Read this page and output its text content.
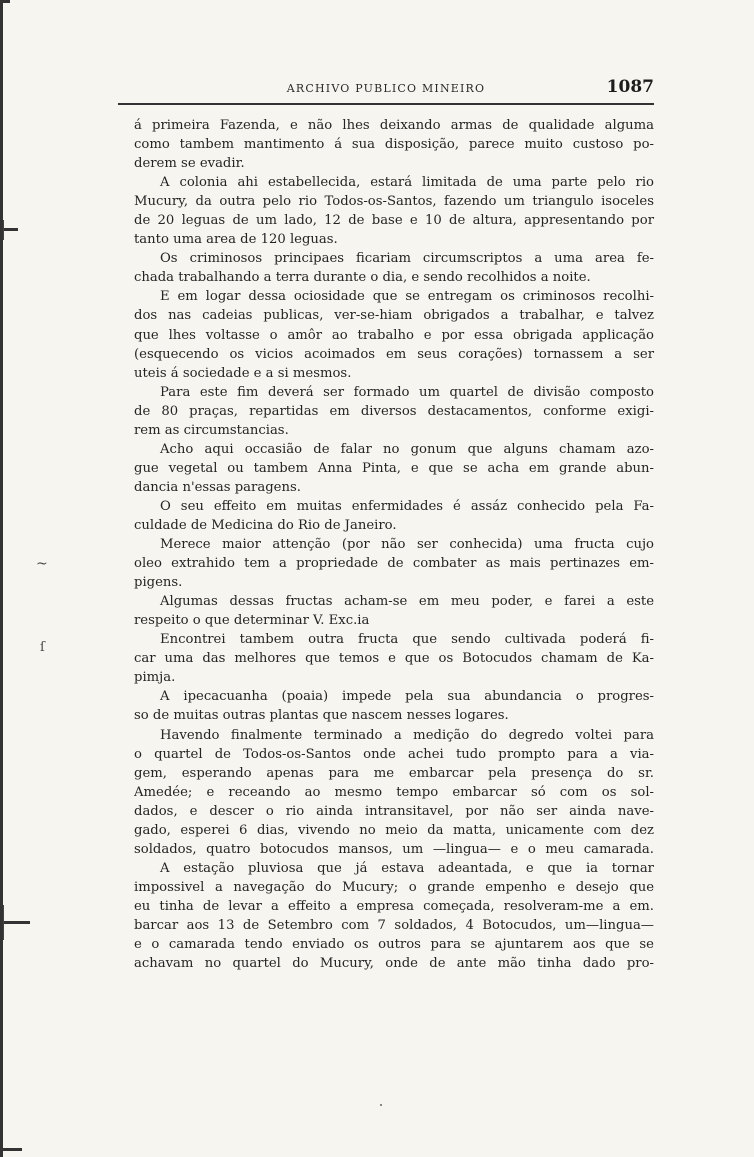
~
ſ
ARCHIVO PUBLICO MINEIRO	1087
á primeira Fazenda, e não lhes deixando armas de qualidade alguma
como tambem mantimento á sua disposição, parece muito custoso po-
derem se evadir.
A colonia ahi estabellecida, estará limitada de uma parte pelo rio
Mucury, da outra pelo rio Todos-os-Santos, fazendo um triangulo isoceles
de 20 leguas de um lado, 12 de base e 10 de altura, appresentando por
tanto uma area de 120 leguas.
Os criminosos principaes ficariam circumscriptos a uma area fe-
chada trabalhando a terra durante o dia, e sendo recolhidos a noite.
E em logar dessa ociosidade que se entregam os criminosos recolhi-
dos nas cadeias publicas, ver-se-hiam obrigados a trabalhar, e talvez
que lhes voltasse o amôr ao trabalho e por essa obrigada applicação
(esquecendo os vicios acoimados em seus corações) tornassem a ser
uteis á sociedade e a si mesmos.
Para este fim deverá ser formado um quartel de divisão composto
de 80 praças, repartidas em diversos destacamentos, conforme exigi-
rem as circumstancias.
Acho aqui occasião de falar no gonum que alguns chamam azo-
gue vegetal ou tambem Anna Pinta, e que se acha em grande abun-
dancia n'essas paragens.
O seu effeito em muitas enfermidades é assáz conhecido pela Fa-
culdade de Medicina do Rio de Janeiro.
Merece maior attenção (por não ser conhecida) uma fructa cujo
oleo extrahido tem a propriedade de combater as mais pertinazes em-
pigens.
Algumas dessas fructas acham-se em meu poder, e farei a este
respeito o que determinar V. Exc.ia
Encontrei tambem outra fructa que sendo cultivada poderá fi-
car uma das melhores que temos e que os Botocudos chamam de Ka-
pimja.
A ipecacuanha (poaia) impede pela sua abundancia o progres-
so de muitas outras plantas que nascem nesses logares.
Havendo finalmente terminado a medição do degredo voltei para
o quartel de Todos-os-Santos onde achei tudo prompto para a via-
gem, esperando apenas para me embarcar pela presença do sr.
Amedée; e receando ao mesmo tempo embarcar só com os sol-
dados, e descer o rio ainda intransitavel, por não ser ainda nave-
gado, esperei 6 dias, vivendo no meio da matta, unicamente com dez
soldados, quatro botocudos mansos, um —lingua— e o meu camarada.
A estação pluviosa que já estava adeantada, e que ia tornar
impossivel a navegação do Mucury; o grande empenho e desejo que
eu tinha de levar a effeito a empresa começada, resolveram-me a em.
barcar aos 13 de Setembro com 7 soldados, 4 Botocudos, um—lingua—
e o camarada tendo enviado os outros para se ajuntarem aos que se
achavam no quartel do Mucury, onde de ante mão tinha dado pro-
